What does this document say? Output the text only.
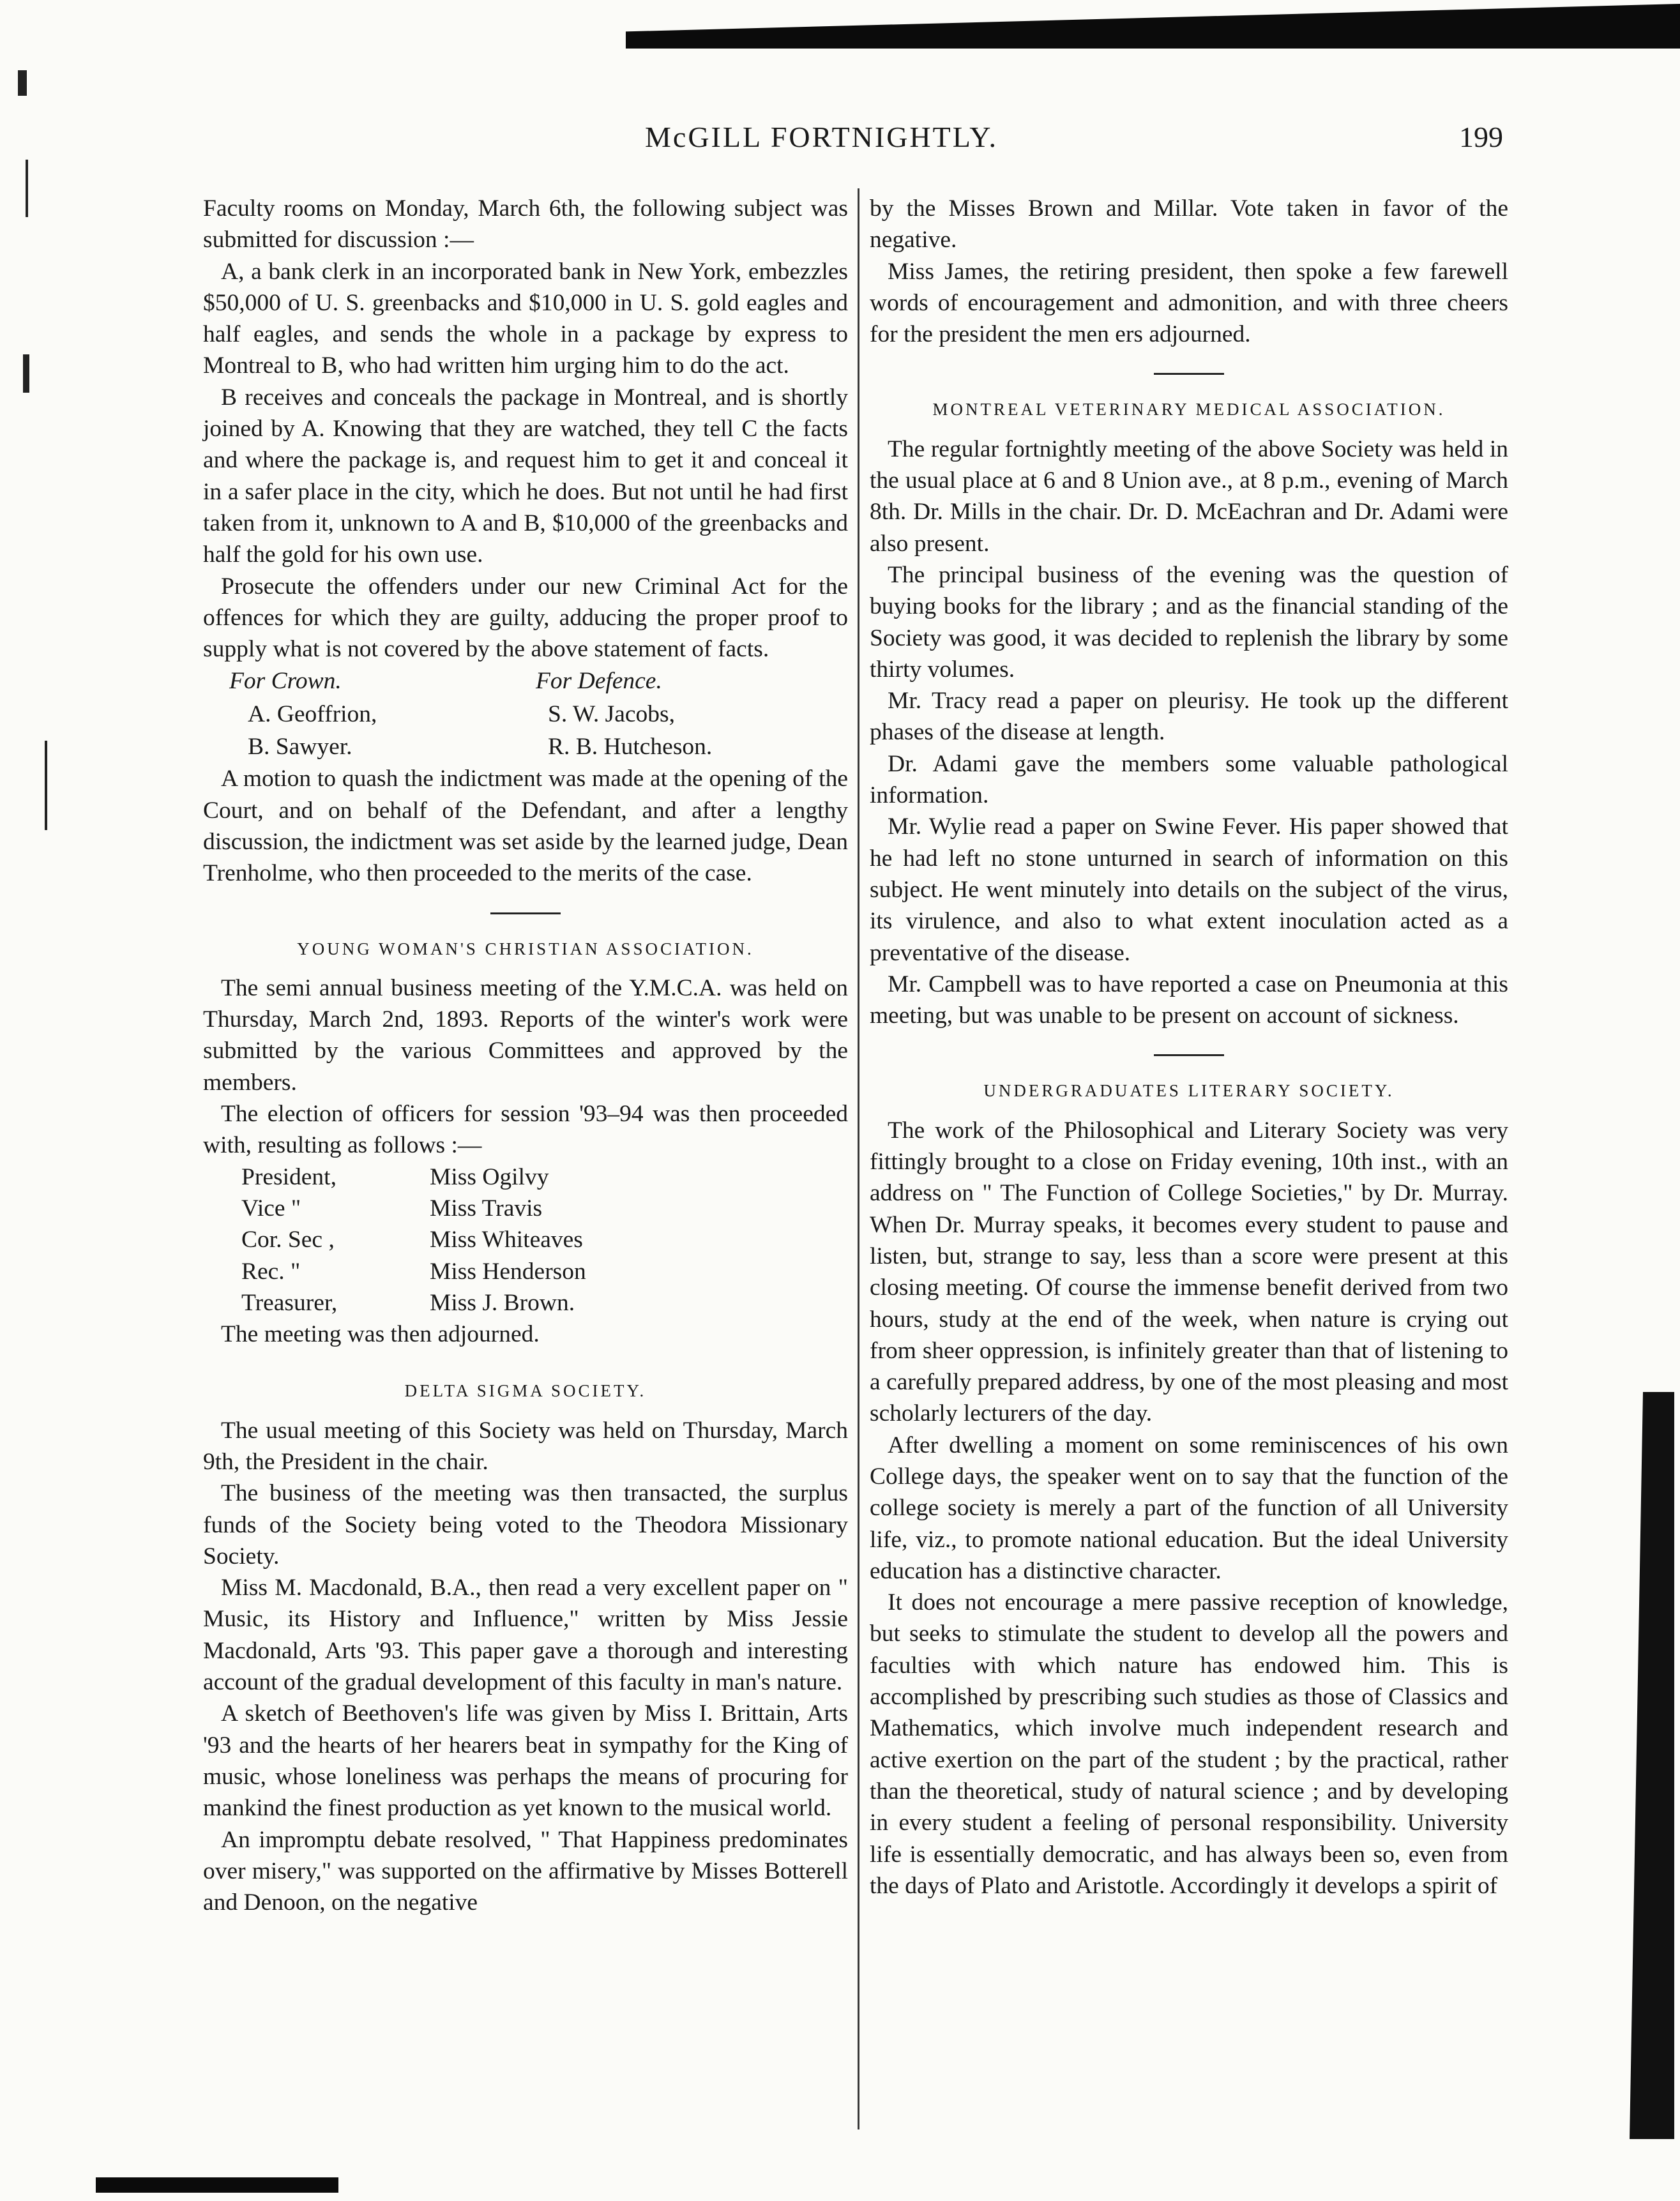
McGILL FORTNIGHTLY.	199

Faculty rooms on Monday, March 6th, the following subject was submitted for discussion :—

A, a bank clerk in an incorporated bank in New York, embezzles $50,000 of U. S. greenbacks and $10,000 in U. S. gold eagles and half eagles, and sends the whole in a package by express to Montreal to B, who had written him urging him to do the act.

B receives and conceals the package in Montreal, and is shortly joined by A. Knowing that they are watched, they tell C the facts and where the package is, and request him to get it and conceal it in a safer place in the city, which he does. But not until he had first taken from it, unknown to A and B, $10,000 of the greenbacks and half the gold for his own use.

Prosecute the offenders under our new Criminal Act for the offences for which they are guilty, adducing the proper proof to supply what is not covered by the above statement of facts.

For Crown.	For Defence.
A. Geoffrion,	S. W. Jacobs,
B. Sawyer.	R. B. Hutcheson.

A motion to quash the indictment was made at the opening of the Court, and on behalf of the Defendant, and after a lengthy discussion, the indictment was set aside by the learned judge, Dean Trenholme, who then proceeded to the merits of the case.

YOUNG WOMAN'S CHRISTIAN ASSOCIATION.

The semi annual business meeting of the Y.M.C.A. was held on Thursday, March 2nd, 1893. Reports of the winter's work were submitted by the various Committees and approved by the members.

The election of officers for session '93–94 was then proceeded with, resulting as follows :—

President,	Miss Ogilvy
Vice "	Miss Travis
Cor. Sec ,	Miss Whiteaves
Rec. "	Miss Henderson
Treasurer,	Miss J. Brown.

The meeting was then adjourned.

DELTA SIGMA SOCIETY.

The usual meeting of this Society was held on Thursday, March 9th, the President in the chair.

The business of the meeting was then transacted, the surplus funds of the Society being voted to the Theodora Missionary Society.

Miss M. Macdonald, B.A., then read a very excellent paper on " Music, its History and Influence," written by Miss Jessie Macdonald, Arts '93. This paper gave a thorough and interesting account of the gradual development of this faculty in man's nature.

A sketch of Beethoven's life was given by Miss I. Brittain, Arts '93 and the hearts of her hearers beat in sympathy for the King of music, whose loneliness was perhaps the means of procuring for mankind the finest production as yet known to the musical world.

An impromptu debate resolved, " That Happiness predominates over misery," was supported on the affirmative by Misses Botterell and Denoon, on the negative

by the Misses Brown and Millar. Vote taken in favor of the negative.

Miss James, the retiring president, then spoke a few farewell words of encouragement and admonition, and with three cheers for the president the men ers adjourned.

MONTREAL VETERINARY MEDICAL ASSOCIATION.

The regular fortnightly meeting of the above Society was held in the usual place at 6 and 8 Union ave., at 8 p.m., evening of March 8th. Dr. Mills in the chair. Dr. D. McEachran and Dr. Adami were also present.

The principal business of the evening was the question of buying books for the library ; and as the financial standing of the Society was good, it was decided to replenish the library by some thirty volumes.

Mr. Tracy read a paper on pleurisy. He took up the different phases of the disease at length.

Dr. Adami gave the members some valuable pathological information.

Mr. Wylie read a paper on Swine Fever. His paper showed that he had left no stone unturned in search of information on this subject. He went minutely into details on the subject of the virus, its virulence, and also to what extent inoculation acted as a preventative of the disease.

Mr. Campbell was to have reported a case on Pneumonia at this meeting, but was unable to be present on account of sickness.

UNDERGRADUATES LITERARY SOCIETY.

The work of the Philosophical and Literary Society was very fittingly brought to a close on Friday evening, 10th inst., with an address on " The Function of College Societies," by Dr. Murray. When Dr. Murray speaks, it becomes every student to pause and listen, but, strange to say, less than a score were present at this closing meeting. Of course the immense benefit derived from two hours, study at the end of the week, when nature is crying out from sheer oppression, is infinitely greater than that of listening to a carefully prepared address, by one of the most pleasing and most scholarly lecturers of the day.

After dwelling a moment on some reminiscences of his own College days, the speaker went on to say that the function of the college society is merely a part of the function of all University life, viz., to promote national education. But the ideal University education has a distinctive character.

It does not encourage a mere passive reception of knowledge, but seeks to stimulate the student to develop all the powers and faculties with which nature has endowed him. This is accomplished by prescribing such studies as those of Classics and Mathematics, which involve much independent research and active exertion on the part of the student ; by the practical, rather than the theoretical, study of natural science ; and by developing in every student a feeling of personal responsibility. University life is essentially democratic, and has always been so, even from the days of Plato and Aristotle. Accordingly it develops a spirit of
